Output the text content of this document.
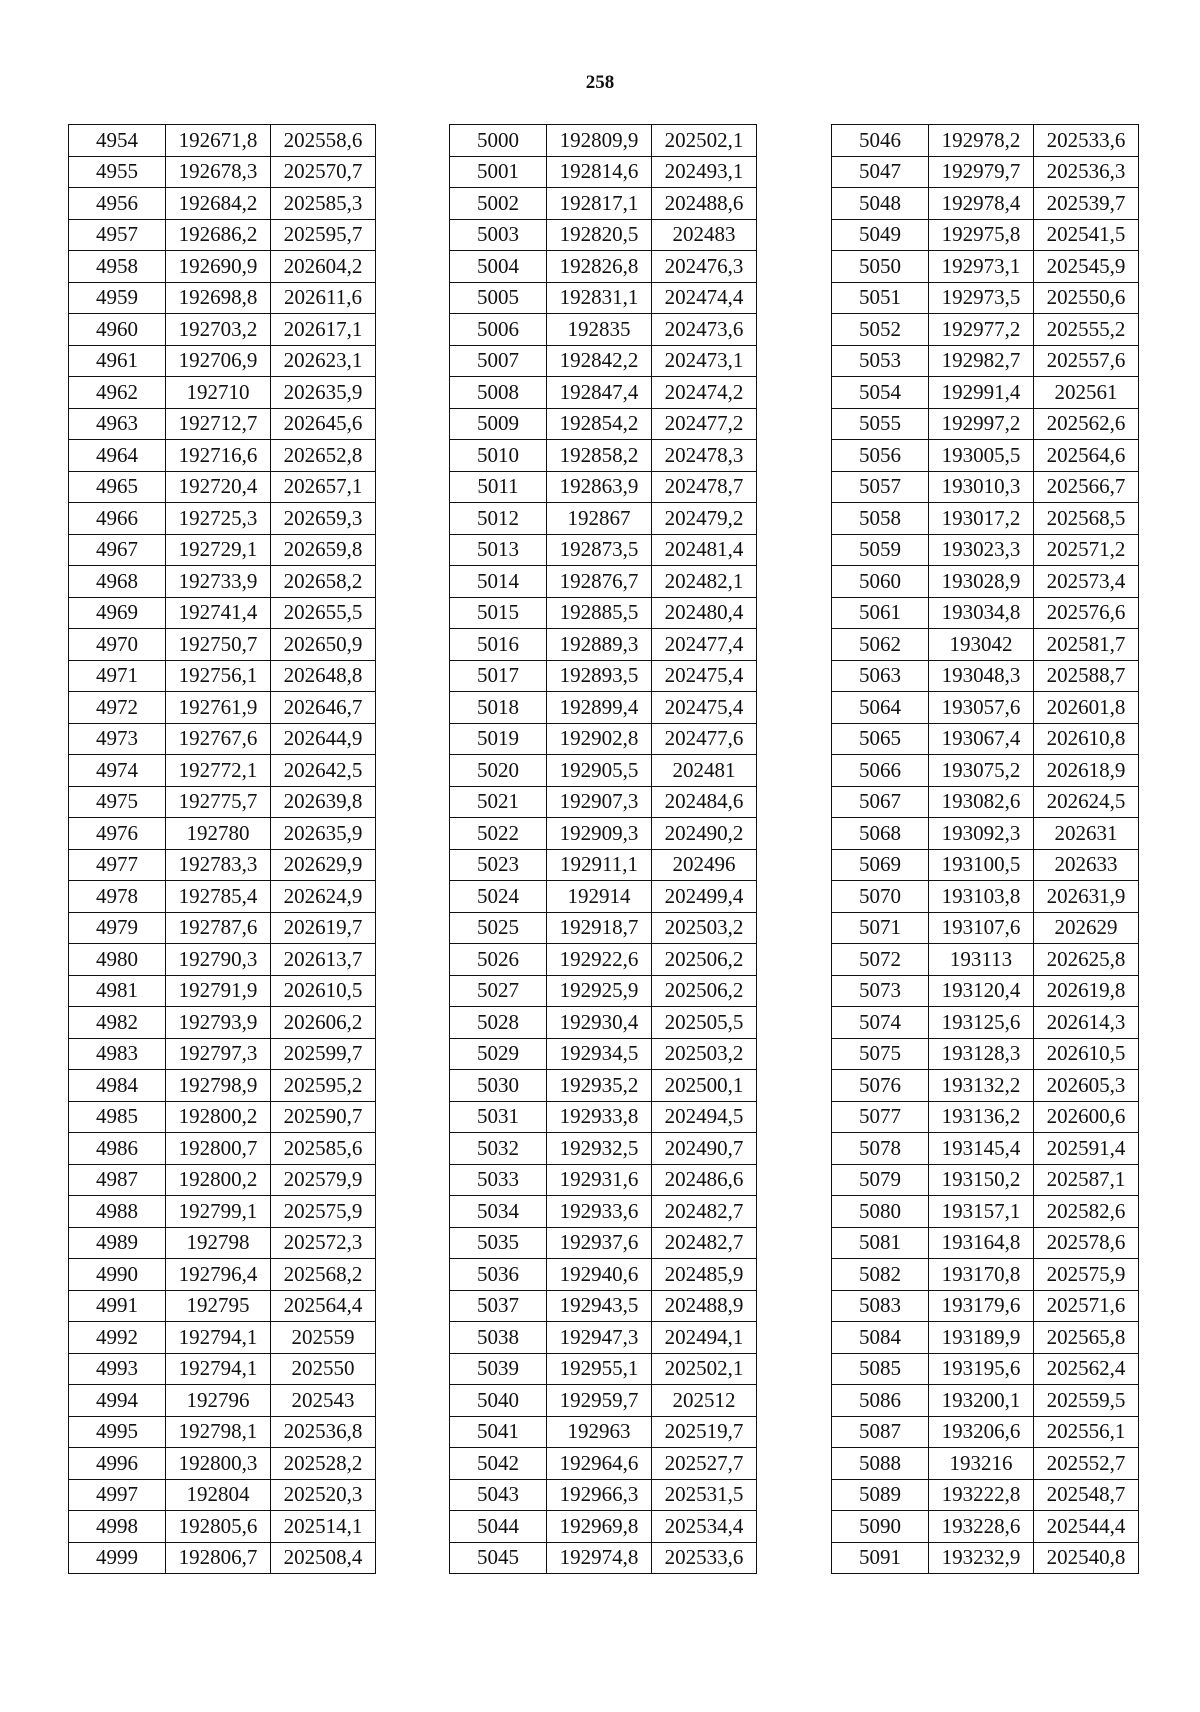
258
4954	192671,8	202558,6
4955	192678,3	202570,7
4956	192684,2	202585,3
4957	192686,2	202595,7
4958	192690,9	202604,2
4959	192698,8	202611,6
4960	192703,2	202617,1
4961	192706,9	202623,1
4962	192710	202635,9
4963	192712,7	202645,6
4964	192716,6	202652,8
4965	192720,4	202657,1
4966	192725,3	202659,3
4967	192729,1	202659,8
4968	192733,9	202658,2
4969	192741,4	202655,5
4970	192750,7	202650,9
4971	192756,1	202648,8
4972	192761,9	202646,7
4973	192767,6	202644,9
4974	192772,1	202642,5
4975	192775,7	202639,8
4976	192780	202635,9
4977	192783,3	202629,9
4978	192785,4	202624,9
4979	192787,6	202619,7
4980	192790,3	202613,7
4981	192791,9	202610,5
4982	192793,9	202606,2
4983	192797,3	202599,7
4984	192798,9	202595,2
4985	192800,2	202590,7
4986	192800,7	202585,6
4987	192800,2	202579,9
4988	192799,1	202575,9
4989	192798	202572,3
4990	192796,4	202568,2
4991	192795	202564,4
4992	192794,1	202559
4993	192794,1	202550
4994	192796	202543
4995	192798,1	202536,8
4996	192800,3	202528,2
4997	192804	202520,3
4998	192805,6	202514,1
4999	192806,7	202508,4
5000	192809,9	202502,1
5001	192814,6	202493,1
5002	192817,1	202488,6
5003	192820,5	202483
5004	192826,8	202476,3
5005	192831,1	202474,4
5006	192835	202473,6
5007	192842,2	202473,1
5008	192847,4	202474,2
5009	192854,2	202477,2
5010	192858,2	202478,3
5011	192863,9	202478,7
5012	192867	202479,2
5013	192873,5	202481,4
5014	192876,7	202482,1
5015	192885,5	202480,4
5016	192889,3	202477,4
5017	192893,5	202475,4
5018	192899,4	202475,4
5019	192902,8	202477,6
5020	192905,5	202481
5021	192907,3	202484,6
5022	192909,3	202490,2
5023	192911,1	202496
5024	192914	202499,4
5025	192918,7	202503,2
5026	192922,6	202506,2
5027	192925,9	202506,2
5028	192930,4	202505,5
5029	192934,5	202503,2
5030	192935,2	202500,1
5031	192933,8	202494,5
5032	192932,5	202490,7
5033	192931,6	202486,6
5034	192933,6	202482,7
5035	192937,6	202482,7
5036	192940,6	202485,9
5037	192943,5	202488,9
5038	192947,3	202494,1
5039	192955,1	202502,1
5040	192959,7	202512
5041	192963	202519,7
5042	192964,6	202527,7
5043	192966,3	202531,5
5044	192969,8	202534,4
5045	192974,8	202533,6
5046	192978,2	202533,6
5047	192979,7	202536,3
5048	192978,4	202539,7
5049	192975,8	202541,5
5050	192973,1	202545,9
5051	192973,5	202550,6
5052	192977,2	202555,2
5053	192982,7	202557,6
5054	192991,4	202561
5055	192997,2	202562,6
5056	193005,5	202564,6
5057	193010,3	202566,7
5058	193017,2	202568,5
5059	193023,3	202571,2
5060	193028,9	202573,4
5061	193034,8	202576,6
5062	193042	202581,7
5063	193048,3	202588,7
5064	193057,6	202601,8
5065	193067,4	202610,8
5066	193075,2	202618,9
5067	193082,6	202624,5
5068	193092,3	202631
5069	193100,5	202633
5070	193103,8	202631,9
5071	193107,6	202629
5072	193113	202625,8
5073	193120,4	202619,8
5074	193125,6	202614,3
5075	193128,3	202610,5
5076	193132,2	202605,3
5077	193136,2	202600,6
5078	193145,4	202591,4
5079	193150,2	202587,1
5080	193157,1	202582,6
5081	193164,8	202578,6
5082	193170,8	202575,9
5083	193179,6	202571,6
5084	193189,9	202565,8
5085	193195,6	202562,4
5086	193200,1	202559,5
5087	193206,6	202556,1
5088	193216	202552,7
5089	193222,8	202548,7
5090	193228,6	202544,4
5091	193232,9	202540,8
